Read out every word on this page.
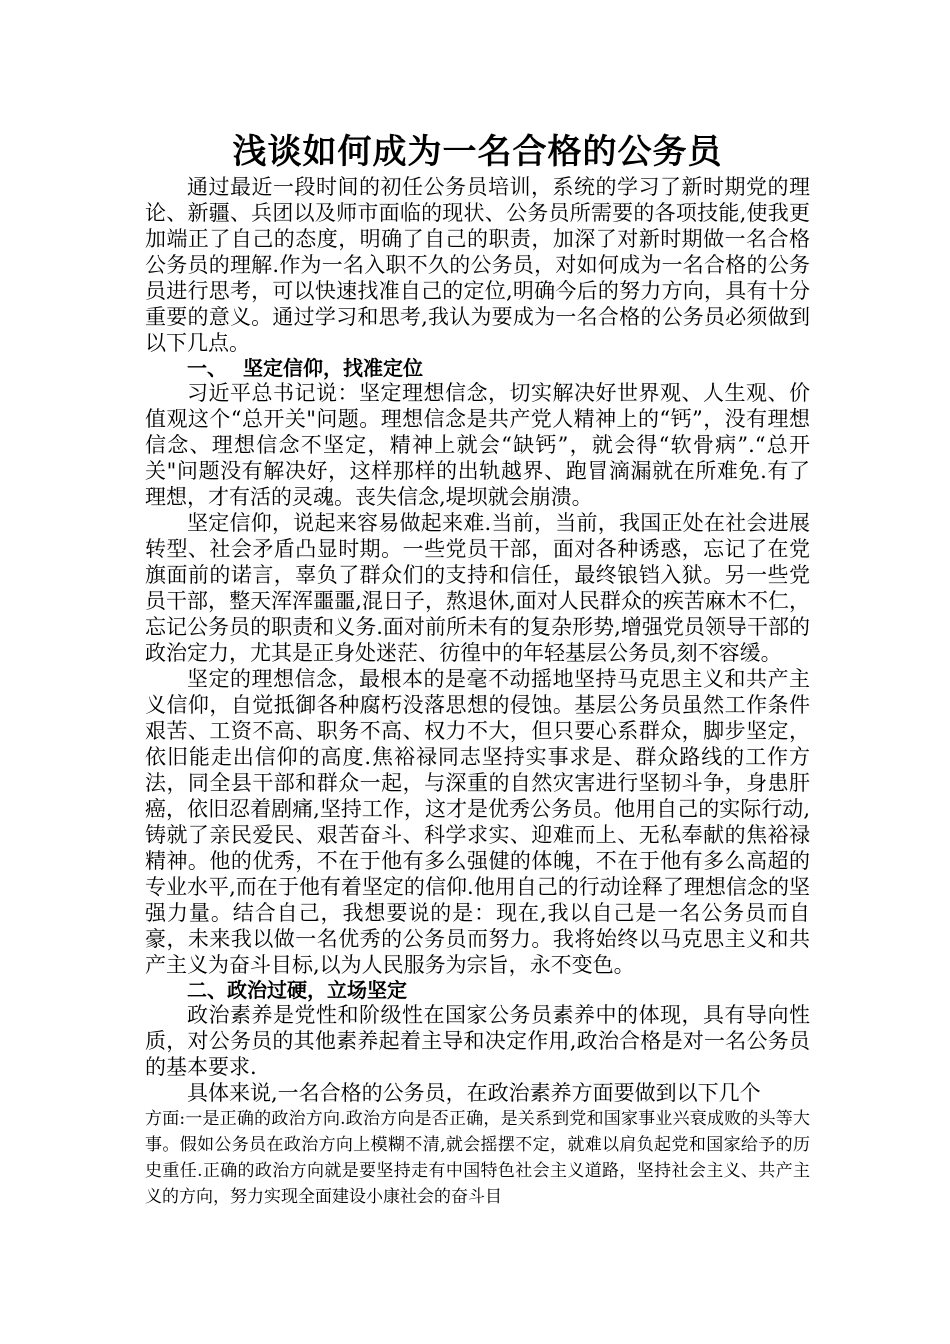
浅谈如何成为一名合格的公务员

通过最近一段时间的初任公务员培训，系统的学习了新时期党的理论、新疆、兵团以及师市面临的现状、公务员所需要的各项技能,使我更加端正了自己的态度，明确了自己的职责，加深了对新时期做一名合格公务员的理解.作为一名入职不久的公务员，对如何成为一名合格的公务员进行思考，可以快速找准自己的定位,明确今后的努力方向，具有十分重要的意义。通过学习和思考,我认为要成为一名合格的公务员必须做到以下几点。

一、 坚定信仰，找准定位

习近平总书记说：坚定理想信念，切实解决好世界观、人生观、价值观这个“总开关"问题。理想信念是共产党人精神上的“钙”，没有理想信念、理想信念不坚定，精神上就会“缺钙”，就会得“软骨病”.“总开关"问题没有解决好，这样那样的出轨越界、跑冒滴漏就在所难免.有了理想，才有活的灵魂。丧失信念,堤坝就会崩溃。

坚定信仰，说起来容易做起来难.当前，当前，我国正处在社会进展转型、社会矛盾凸显时期。一些党员干部，面对各种诱惑，忘记了在党旗面前的诺言，辜负了群众们的支持和信任，最终锒铛入狱。另一些党员干部，整天浑浑噩噩,混日子，熬退休,面对人民群众的疾苦麻木不仁，忘记公务员的职责和义务.面对前所未有的复杂形势,增强党员领导干部的政治定力，尤其是正身处迷茫、彷徨中的年轻基层公务员,刻不容缓。

坚定的理想信念，最根本的是毫不动摇地坚持马克思主义和共产主义信仰，自觉抵御各种腐朽没落思想的侵蚀。基层公务员虽然工作条件艰苦、工资不高、职务不高、权力不大，但只要心系群众，脚步坚定，依旧能走出信仰的高度.焦裕禄同志坚持实事求是、群众路线的工作方法，同全县干部和群众一起，与深重的自然灾害进行坚韧斗争，身患肝癌，依旧忍着剧痛,坚持工作，这才是优秀公务员。他用自己的实际行动,铸就了亲民爱民、艰苦奋斗、科学求实、迎难而上、无私奉献的焦裕禄精神。他的优秀，不在于他有多么强健的体魄，不在于他有多么高超的专业水平,而在于他有着坚定的信仰.他用自己的行动诠释了理想信念的坚强力量。结合自己，我想要说的是：现在,我以自己是一名公务员而自豪，未来我以做一名优秀的公务员而努力。我将始终以马克思主义和共产主义为奋斗目标,以为人民服务为宗旨，永不变色。

二、政治过硬，立场坚定

政治素养是党性和阶级性在国家公务员素养中的体现，具有导向性质，对公务员的其他素养起着主导和决定作用,政治合格是对一名公务员的基本要求.

具体来说,一名合格的公务员，在政治素养方面要做到以下几个

方面:一是正确的政治方向.政治方向是否正确，是关系到党和国家事业兴衰成败的头等大事。假如公务员在政治方向上模糊不清,就会摇摆不定，就难以肩负起党和国家给予的历史重任.正确的政治方向就是要坚持走有中国特色社会主义道路，坚持社会主义、共产主义的方向，努力实现全面建设小康社会的奋斗目
